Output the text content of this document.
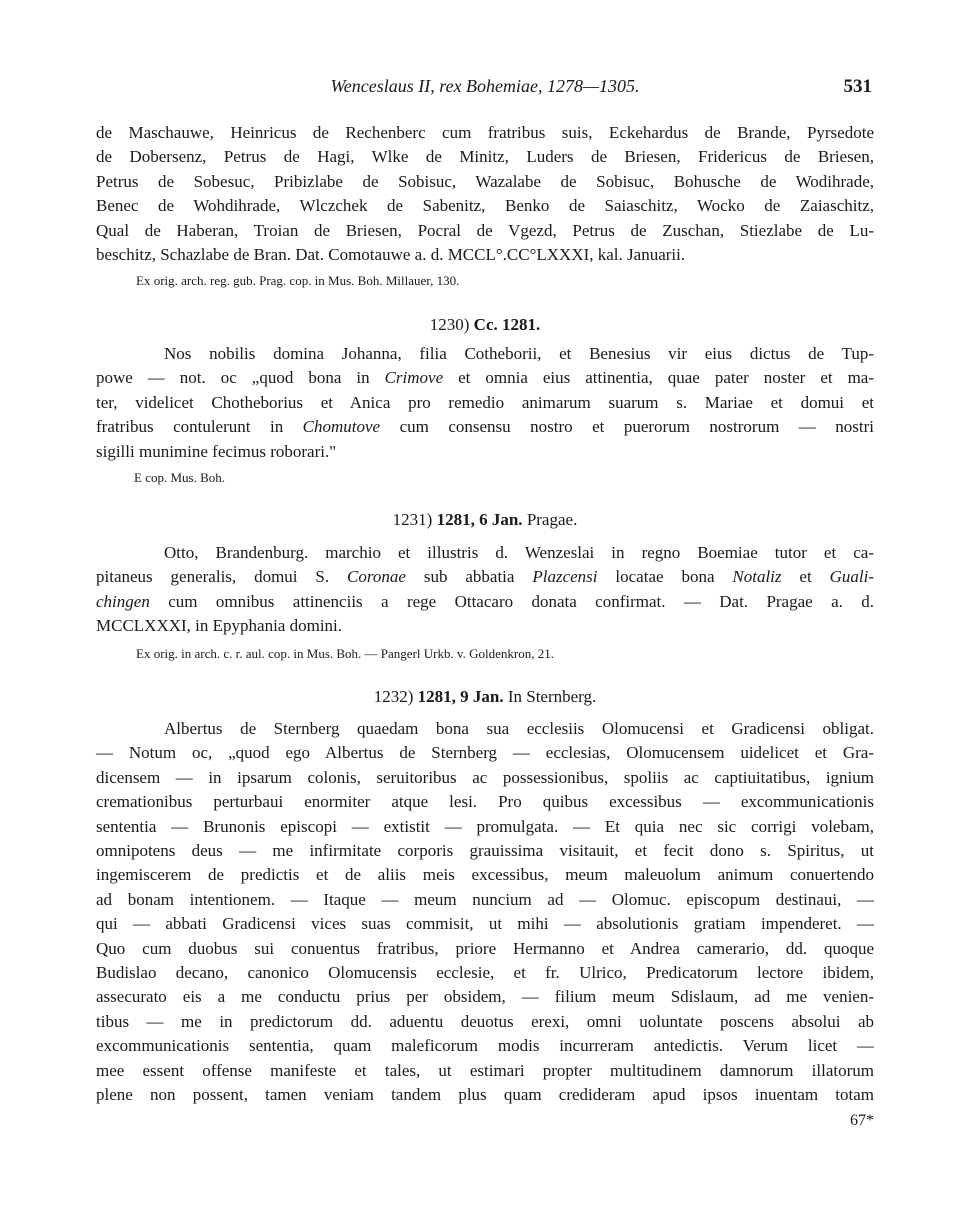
Wenceslaus II, rex Bohemiae, 1278—1305.	531
de Maschauwe, Heinricus de Rechenberc cum fratribus suis, Eckehardus de Brande, Pyrsedote
de Dobersenz, Petrus de Hagi, Wlke de Minitz, Luders de Briesen, Fridericus de Briesen,
Petrus de Sobesuc, Pribizlabe de Sobisuc, Wazalabe de Sobisuc, Bohusche de Wodihrade,
Benec de Wohdihrade, Wlczchek de Sabenitz, Benko de Saiaschitz, Wocko de Zaiaschitz,
Qual de Haberan, Troian de Briesen, Pocral de Vgezd, Petrus de Zuschan, Stiezlabe de Lu-
beschitz, Schazlabe de Bran. Dat. Comotauwe a. d. MCCL°.CC°LXXXI, kal. Januarii.
Ex orig. arch. reg. gub. Prag. cop. in Mus. Boh. Millauer, 130.
1230) Cc. 1281.
Nos nobilis domina Johanna, filia Cotheborii, et Benesius vir eius dictus de Tup-
powe — not. oc „quod bona in Crimove et omnia eius attinentia, quae pater noster et ma-
ter, videlicet Chotheborius et Anica pro remedio animarum suarum s. Mariae et domui et
fratribus contulerunt in Chomutove cum consensu nostro et puerorum nostrorum — nostri
sigilli munimine fecimus roborari."
E cop. Mus. Boh.
1231) 1281, 6 Jan. Pragae.
Otto, Brandenburg. marchio et illustris d. Wenzeslai in regno Boemiae tutor et ca-
pitaneus generalis, domui S. Coronae sub abbatia Plazcensi locatae bona Notaliz et Guali-
chingen cum omnibus attinenciis a rege Ottacaro donata confirmat. — Dat. Pragae a. d.
MCCLXXXI, in Epyphania domini.
Ex orig. in arch. c. r. aul. cop. in Mus. Boh. — Pangerl Urkb. v. Goldenkron, 21.
1232) 1281, 9 Jan. In Sternberg.
Albertus de Sternberg quaedam bona sua ecclesiis Olomucensi et Gradicensi obligat.
— Notum oc, „quod ego Albertus de Sternberg — ecclesias, Olomucensem uidelicet et Gra-
dicensem — in ipsarum colonis, seruitoribus ac possessionibus, spoliis ac captiuitatibus, ignium
cremationibus perturbaui enormiter atque lesi. Pro quibus excessibus — excommunicationis
sententia — Brunonis episcopi — extistit — promulgata. — Et quia nec sic corrigi volebam,
omnipotens deus — me infirmitate corporis grauissima visitauit, et fecit dono s. Spiritus, ut
ingemiscerem de predictis et de aliis meis excessibus, meum maleuolum animum conuertendo
ad bonam intentionem. — Itaque — meum nuncium ad — Olomuc. episcopum destinaui, —
qui — abbati Gradicensi vices suas commisit, ut mihi — absolutionis gratiam impenderet. —
Quo cum duobus sui conuentus fratribus, priore Hermanno et Andrea camerario, dd. quoque
Budislao decano, canonico Olomucensis ecclesie, et fr. Ulrico, Predicatorum lectore ibidem,
assecurato eis a me conductu prius per obsidem, — filium meum Sdislaum, ad me venien-
tibus — me in predictorum dd. aduentu deuotus erexi, omni uoluntate poscens absolui ab
excommunicationis sententia, quam maleficorum modis incurreram antedictis. Verum licet —
mee essent offense manifeste et tales, ut estimari propter multitudinem damnorum illatorum
plene non possent, tamen veniam tandem plus quam credideram apud ipsos inuentam totam
67*
